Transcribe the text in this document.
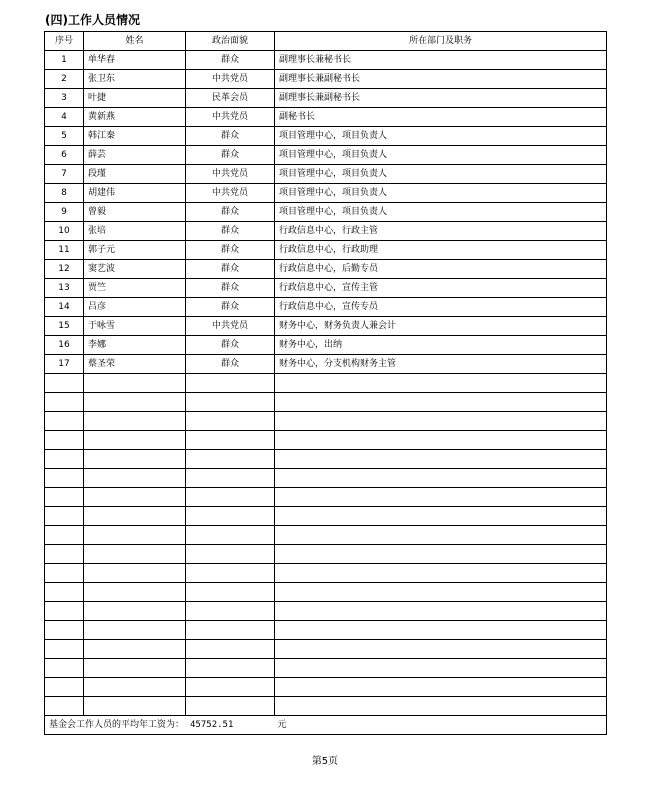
(四)工作人员情况
序号	姓名	政治面貌	所在部门及职务
1	单华春	群众	副理事长兼秘书长
2	张卫东	中共党员	副理事长兼副秘书长
3	叶捷	民革会员	副理事长兼副秘书长
4	黄新燕	中共党员	副秘书长
5	韩江秦	群众	项目管理中心，项目负责人
6	薛芸	群众	项目管理中心，项目负责人
7	段瑾	中共党员	项目管理中心，项目负责人
8	胡建伟	中共党员	项目管理中心，项目负责人
9	曾毅	群众	项目管理中心，项目负责人
10	张培	群众	行政信息中心，行政主管
11	郭子元	群众	行政信息中心，行政助理
12	窦艺波	群众	行政信息中心，后勤专员
13	贾竺	群众	行政信息中心，宣传主管
14	吕彦	群众	行政信息中心，宣传专员
15	于咏雪	中共党员	财务中心，财务负责人兼会计
16	李娜	群众	财务中心，出纳
17	蔡圣荣	群众	财务中心，分支机构财务主管

基金会工作人员的平均年工资为： 45752.51 元			
第5页
